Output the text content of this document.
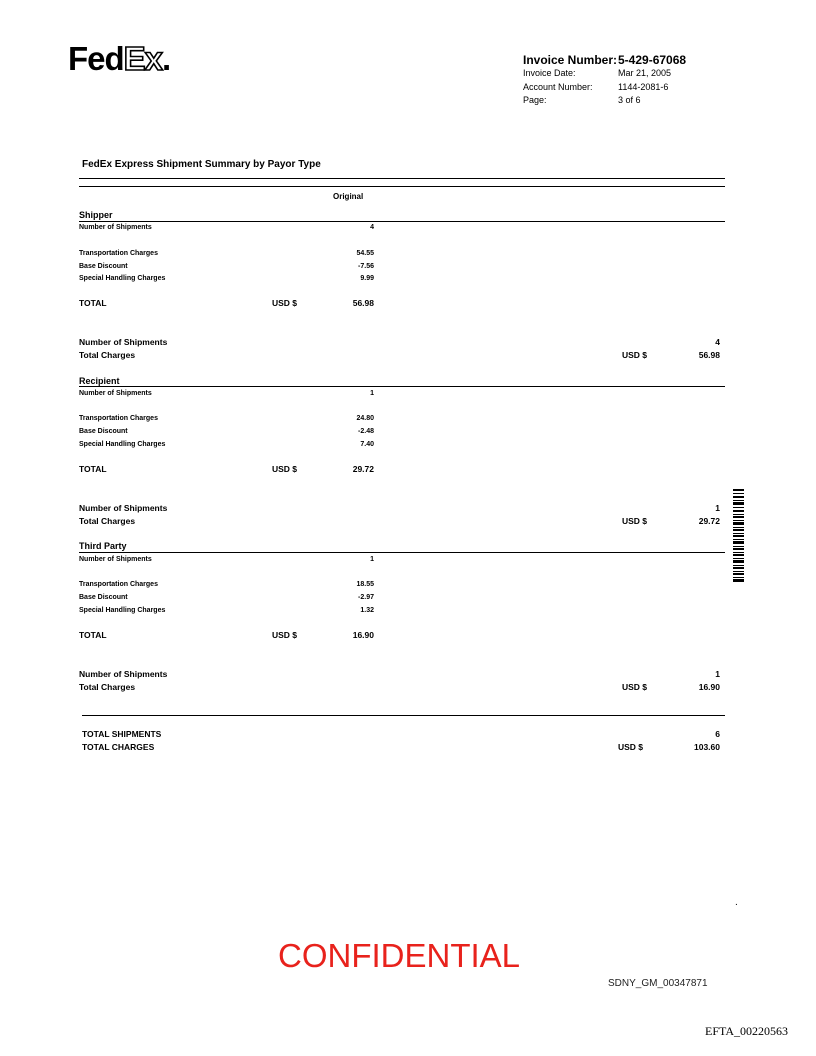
FedEx.	Invoice Number: 5-429-67068
Invoice Date:	Mar 21, 2005
Account Number:	1144-2081-6
Page:	3 of 6
FedEx Express Shipment Summary by Payor Type
Original
Shipper
Number of Shipments	4
Transportation Charges	54.55
Base Discount	-7.56
Special Handling Charges	9.99
TOTAL	USD $	56.98
Number of Shipments	4
Total Charges	USD $	56.98
Recipient
Number of Shipments	1
Transportation Charges	24.80
Base Discount	-2.48
Special Handling Charges	7.40
TOTAL	USD $	29.72
Number of Shipments	1
Total Charges	USD $	29.72
Third Party
Number of Shipments	1
Transportation Charges	18.55
Base Discount	-2.97
Special Handling Charges	1.32
TOTAL	USD $	16.90
Number of Shipments	1
Total Charges	USD $	16.90
TOTAL SHIPMENTS	6
TOTAL CHARGES	USD $	103.60
.
CONFIDENTIAL
SDNY_GM_00347871
EFTA_00220563
